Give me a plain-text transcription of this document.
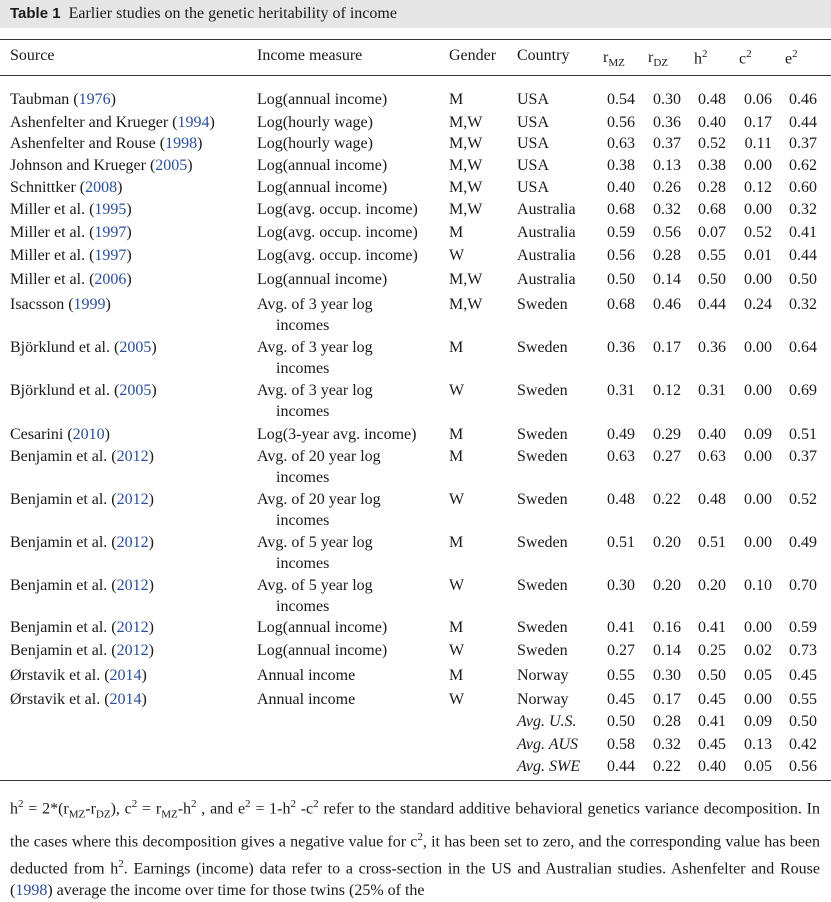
Table 1 Earlier studies on the genetic heritability of income
Source	Income measure	Gender Country $r_{MZ}$ $r_{DZ}$ $h^2$ $c^2$ $e^2$
Taubman (1976)	Log(annual income)	M	USA	0.54	0.30	0.48	0.06	0.46
Ashenfelter and Krueger (1994)	Log(hourly wage)	M,W USA	0.56	0.36	0.40	0.17	0.44
Ashenfelter and Rouse (1998)	Log(hourly wage)	M,W USA	0.63	0.37	0.52	0.11	0.37
Johnson and Krueger (2005)	Log(annual income)	M,W USA	0.38	0.13	0.38	0.00	0.62
Schnittker (2008)	Log(annual income)	M,W USA	0.40	0.26	0.28	0.12	0.60
Miller et al. (1995)	Log(avg. occup. income) M,W Australia	0.68	0.32	0.68	0.00	0.32
Miller et al. (1997)	Log(avg. occup. income) M	Australia	0.59	0.56	0.07	0.52	0.41
Miller et al. (1997)	Log(avg. occup. income) W	Australia	0.56	0.28	0.55	0.01	0.44
Miller et al. (2006)	Log(annual income)	M,W Australia	0.50	0.14	0.50	0.00	0.50
Isacsson (1999)	Avg. of 3 year log
incomes
M,W Sweden	0.68	0.46	0.44	0.24	0.32
Björklund et al. (2005)	Avg. of 3 year log
incomes
M	Sweden	0.36	0.17	0.36	0.00	0.64
Björklund et al. (2005)	Avg. of 3 year log
incomes
W	Sweden	0.31	0.12	0.31	0.00	0.69
Cesarini (2010)	Log(3-year avg. income) M	Sweden	0.49	0.29	0.40	0.09	0.51
Benjamin et al. (2012)	Avg. of 20 year log
incomes
M	Sweden	0.63	0.27	0.63	0.00	0.37
Benjamin et al. (2012)	Avg. of 20 year log
incomes
W	Sweden	0.48	0.22	0.48	0.00	0.52
Benjamin et al. (2012)	Avg. of 5 year log
incomes
M	Sweden	0.51	0.20	0.51	0.00	0.49
Benjamin et al. (2012)	Avg. of 5 year log
incomes
W	Sweden	0.30	0.20	0.20	0.10	0.70
Benjamin et al. (2012)	Log(annual income)	M	Sweden	0.41	0.16	0.41	0.00	0.59
Benjamin et al. (2012)	Log(annual income)	W	Sweden	0.27	0.14	0.25	0.02	0.73
Ørstavik et al. (2014)	Annual income	M	Norway	0.55	0.30	0.50	0.05	0.45
Ørstavik et al. (2014)	Annual income	W	Norway	0.45	0.17	0.45	0.00	0.55
Avg. U.S.	0.50	0.28	0.41	0.09	0.50
Avg. AUS	0.58	0.32	0.45	0.13	0.42
Avg. SWE	0.44	0.22	0.40	0.05	0.56
$h^2 = 2*(r_{MZ}-r_{DZ})$, $c^2 = r_{MZ}-h^2$ , and $e^2 = 1-h^2$ $-c^2$ refer to the standard additive behavioral genetics variance decomposition. In the cases where this decomposition gives a negative value for $c^2$, it has been set to zero, and the corresponding value has been deducted from $h^2$. Earnings (income) data refer to a cross-section in the US and Australian studies. Ashenfelter and Rouse (1998) average the income over time for those twins (25% of the
